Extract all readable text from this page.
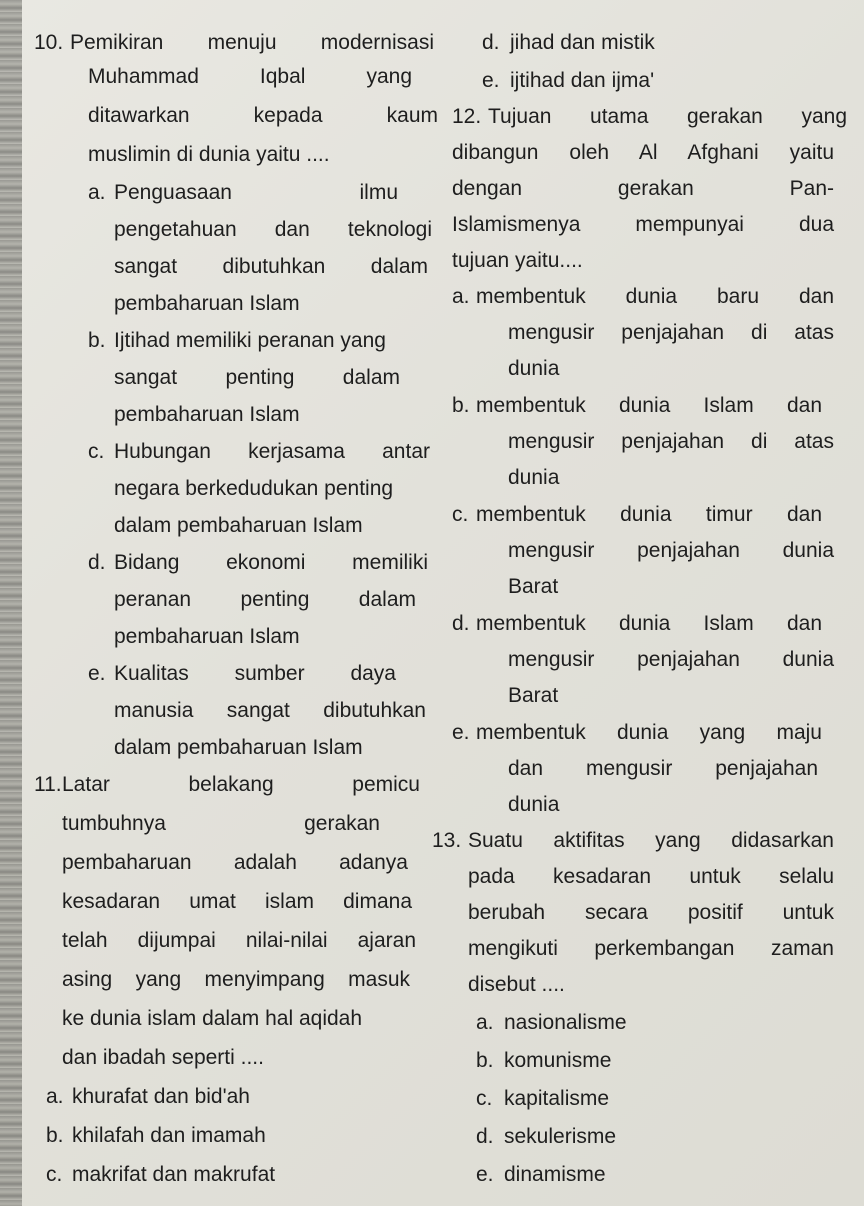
10. Pemikiran menuju modernisasi
Muhammad Iqbal yang
ditawarkan kepada kaum
muslimin di dunia yaitu ....
a. Penguasaan ilmu
pengetahuan dan teknologi
sangat dibutuhkan dalam
pembaharuan Islam
b. Ijtihad memiliki peranan yang
sangat penting dalam
pembaharuan Islam
c. Hubungan kerjasama antar
negara berkedudukan penting
dalam pembaharuan Islam
d. Bidang ekonomi memiliki
peranan penting dalam
pembaharuan Islam
e. Kualitas sumber daya
manusia sangat dibutuhkan
dalam pembaharuan Islam
11. Latar belakang pemicu
tumbuhnya gerakan
pembaharuan adalah adanya
kesadaran umat islam dimana
telah dijumpai nilai-nilai ajaran
asing yang menyimpang masuk
ke dunia islam dalam hal aqidah
dan ibadah seperti ....
a. khurafat dan bid'ah
b. khilafah dan imamah
c. makrifat dan makrufat
d. jihad dan mistik
e. ijtihad dan ijma'
12. Tujuan utama gerakan yang
dibangun oleh Al Afghani yaitu
dengan gerakan Pan-
Islamismenya mempunyai dua
tujuan yaitu....
a. membentuk dunia baru dan
mengusir penjajahan di atas
dunia
b. membentuk dunia Islam dan
mengusir penjajahan di atas
dunia
c. membentuk dunia timur dan
mengusir penjajahan dunia
Barat
d. membentuk dunia Islam dan
mengusir penjajahan dunia
Barat
e. membentuk dunia yang maju
dan mengusir penjajahan
dunia
13. Suatu aktifitas yang didasarkan
pada kesadaran untuk selalu
berubah secara positif untuk
mengikuti perkembangan zaman
disebut ....
a. nasionalisme
b. komunisme
c. kapitalisme
d. sekulerisme
e. dinamisme
